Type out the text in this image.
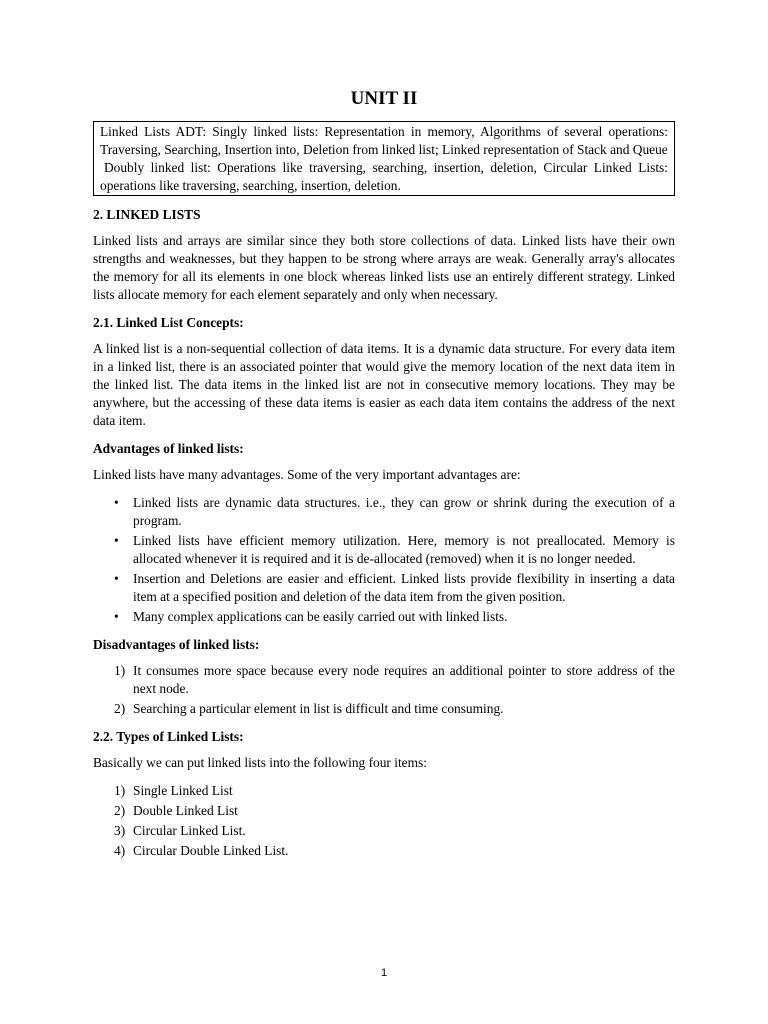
UNIT II

Linked Lists ADT: Singly linked lists: Representation in memory, Algorithms of several operations: Traversing, Searching, Insertion into, Deletion from linked list; Linked representation of Stack and Queue

Doubly linked list: Operations like traversing, searching, insertion, deletion, Circular Linked Lists: operations like traversing, searching, insertion, deletion.

2. LINKED LISTS

Linked lists and arrays are similar since they both store collections of data. Linked lists have their own strengths and weaknesses, but they happen to be strong where arrays are weak. Generally array's allocates the memory for all its elements in one block whereas linked lists use an entirely different strategy. Linked lists allocate memory for each element separately and only when necessary.

2.1. Linked List Concepts:

A linked list is a non-sequential collection of data items. It is a dynamic data structure. For every data item in a linked list, there is an associated pointer that would give the memory location of the next data item in the linked list. The data items in the linked list are not in consecutive memory locations. They may be anywhere, but the accessing of these data items is easier as each data item contains the address of the next data item.

Advantages of linked lists:

Linked lists have many advantages. Some of the very important advantages are:

• Linked lists are dynamic data structures. i.e., they can grow or shrink during the execution of a program.
• Linked lists have efficient memory utilization. Here, memory is not preallocated. Memory is allocated whenever it is required and it is de-allocated (removed) when it is no longer needed.
• Insertion and Deletions are easier and efficient. Linked lists provide flexibility in inserting a data item at a specified position and deletion of the data item from the given position.
• Many complex applications can be easily carried out with linked lists.
Disadvantages of linked lists:
1) It consumes more space because every node requires an additional pointer to store address of the next node.
2) Searching a particular element in list is difficult and time consuming.
2.2. Types of Linked Lists:

Basically we can put linked lists into the following four items:

1) Single Linked List
2) Double Linked List
3) Circular Linked List.
4) Circular Double Linked List.
1
